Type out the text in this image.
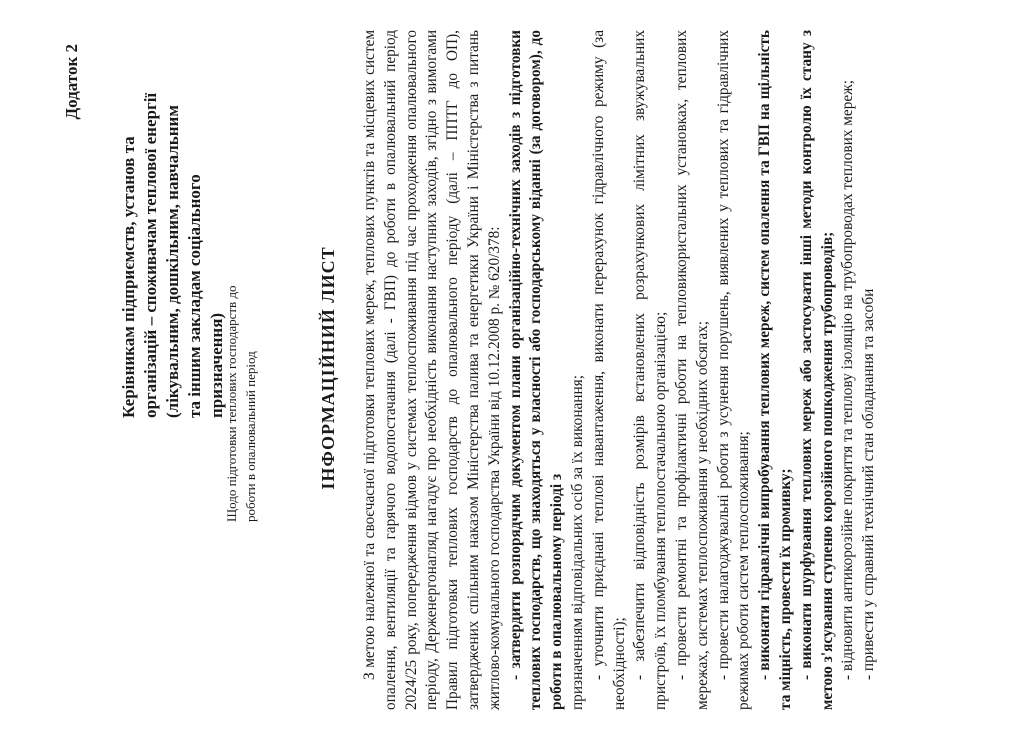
Додаток 2
Керівникам підприємств, установ та організацій – споживачам теплової енергії (лікувальним, дошкільним, навчальним та іншим закладам соціального призначення)
Щодо підготовки теплових господарств до роботи в опалювальний період	ІНФОРМАЦІЙНИЙ ЛИСТ З метою належної та своєчасної підготовки теплових мереж, теплових пунктів та місцевих систем опалення, вентиляції та гарячого водопостачання (далі - ГВП) до роботи в опалювальний період 2024/25 року, попередження відмов у системах теплоспоживання під час проходження опалювального періоду, Держенергонагляд нагадує про необхідність виконання наступних заходів, згідно з вимогами Правил підготовки теплових господарств до опалювального періоду (далі – ППТГ до ОП), затверджених спільним наказом Міністерства палива та енергетики України і Міністерства з питань житлово-комунального господарства України від 10.12.2008 р. № 620/378: - затвердити розпорядчим документом плани організаційно-технічних заходів з підготовки теплових господарств, що знаходяться у власності або господарському віданні (за договором), до роботи в опалювальному періоді з призначенням відповідальних осіб за їх виконання; - уточнити приєднані теплові навантаження, виконати перерахунок гідравлічного режиму (за необхідності); - забезпечити відповідність розмірів встановлених розрахункових лімітних звужувальних пристроїв, їх пломбування теплопостачальною організацією; - провести ремонтні та профілактичні роботи на тепловикористальних установках, теплових мережах, системах теплоспоживання у необхідних обсягах; - провести налагоджувальні роботи з усунення порушень, виявлених у теплових та гідравлічних режимах роботи систем теплоспоживання; - виконати гідравлічні випробування теплових мереж, систем опалення та ГВП на щільність та міцність, провести їх промивку; - виконати шурфування теплових мереж або застосувати інші методи контролю їх стану з метою з'ясування ступеню корозійного пошкодження трубопроводів; - відновити антикорозійне покриття та теплову ізоляцію на трубопроводах теплових мереж; - привести у справний технічний стан обладнання та засоби
